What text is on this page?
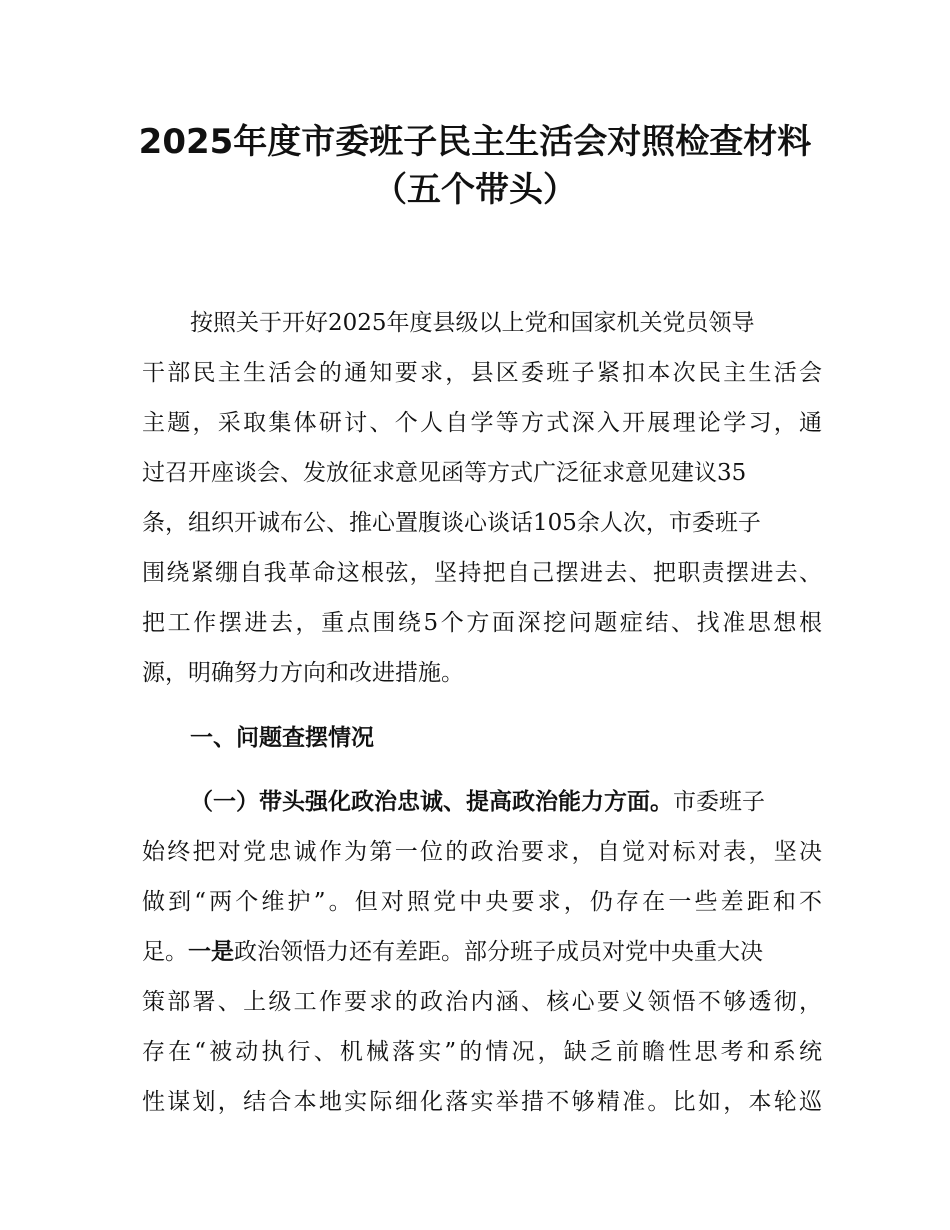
2025年度市委班子民主生活会对照检查材料
（五个带头）
按照关于开好2025年度县级以上党和国家机关党员领导
干部民主生活会的通知要求，县区委班子紧扣本次民主生活会
主题，采取集体研讨、个人自学等方式深入开展理论学习，通
过召开座谈会、发放征求意见函等方式广泛征求意见建议35
条，组织开诚布公、推心置腹谈心谈话105余人次，市委班子
围绕紧绷自我革命这根弦，坚持把自己摆进去、把职责摆进去、
把工作摆进去，重点围绕5个方面深挖问题症结、找准思想根
源，明确努力方向和改进措施。
一、问题查摆情况
（一）带头强化政治忠诚、提高政治能力方面。市委班子
始终把对党忠诚作为第一位的政治要求，自觉对标对表，坚决
做到“两个维护”。但对照党中央要求，仍存在一些差距和不
足。一是政治领悟力还有差距。部分班子成员对党中央重大决
策部署、上级工作要求的政治内涵、核心要义领悟不够透彻，
存在“被动执行、机械落实”的情况，缺乏前瞻性思考和系统
性谋划，结合本地实际细化落实举措不够精准。比如，本轮巡
